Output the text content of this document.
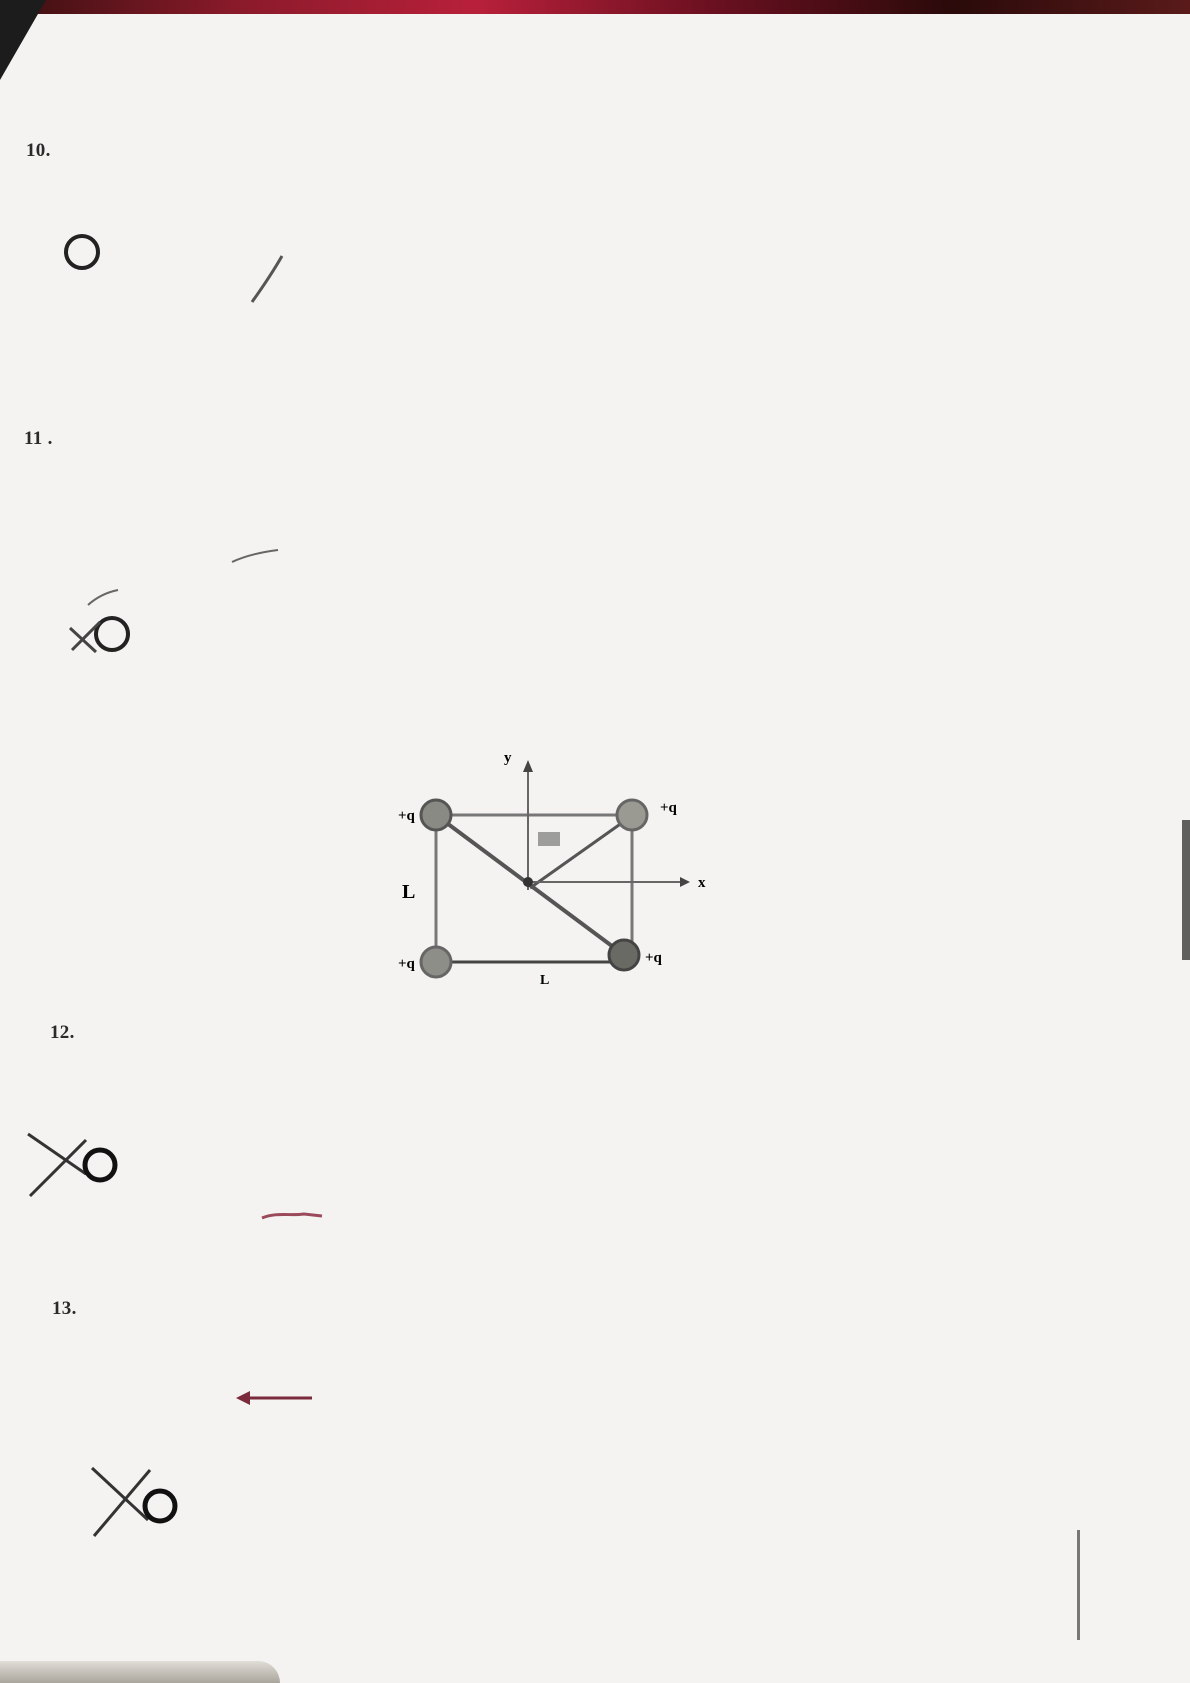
10.
11 .
+q	+q
+q	+q
y
x
L
L
12.
13.
